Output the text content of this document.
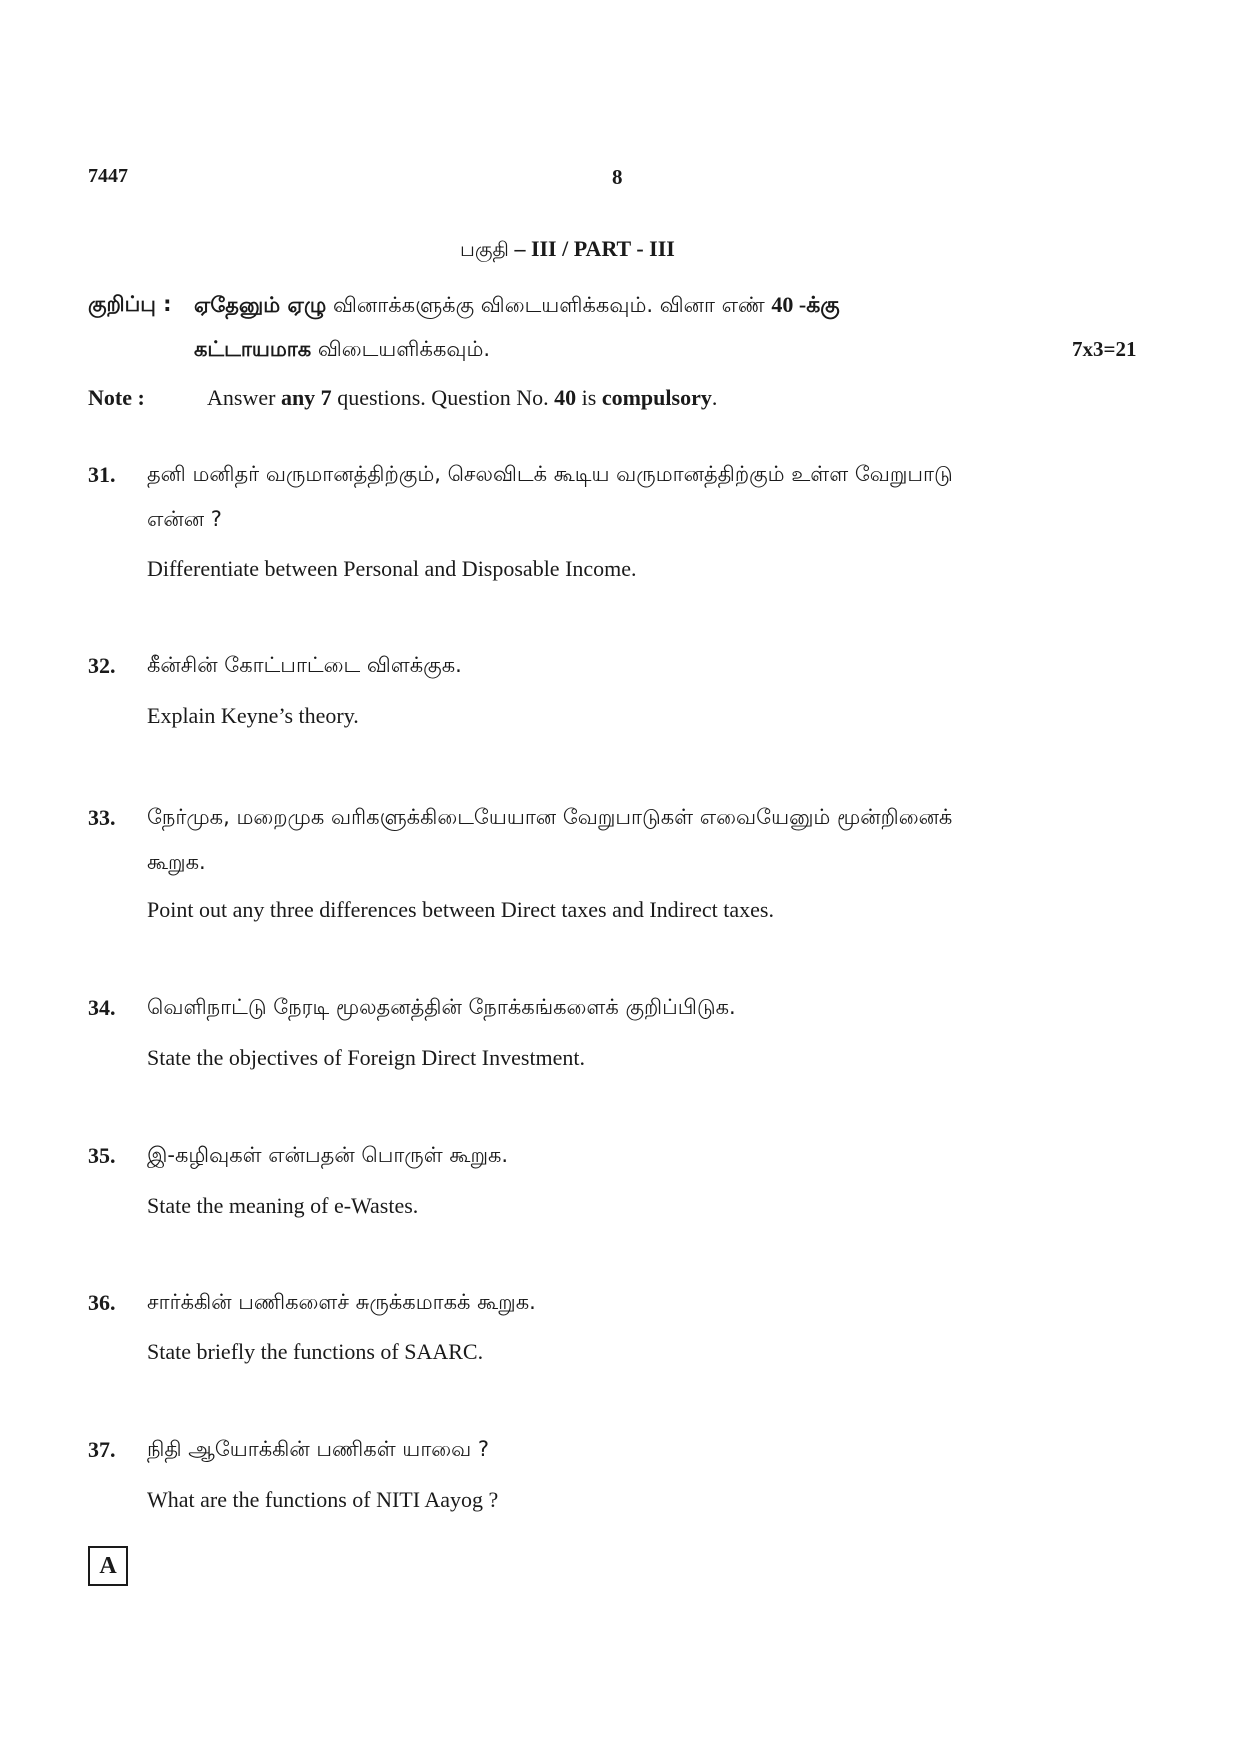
7447	8
பகுதி – III / PART - III
குறிப்பு : ஏதேனும் ஏழு வினாக்களுக்கு விடையளிக்கவும். வினா எண் 40 -க்கு
கட்டாயமாக விடையளிக்கவும்.	7x3=21
Note :	Answer any 7 questions. Question No. 40 is compulsory.
31. தனி மனிதர் வருமானத்திற்கும், செலவிடக் கூடிய வருமானத்திற்கும் உள்ள வேறுபாடு
என்ன ?
Differentiate between Personal and Disposable Income.
32. கீன்சின் கோட்பாட்டை விளக்குக.
Explain Keyne’s theory.
33. நேர்முக, மறைமுக வரிகளுக்கிடையேயான வேறுபாடுகள் எவையேனும் மூன்றினைக்
கூறுக.
Point out any three differences between Direct taxes and Indirect taxes.
34. வெளிநாட்டு நேரடி மூலதனத்தின் நோக்கங்களைக் குறிப்பிடுக.
State the objectives of Foreign Direct Investment.
35. இ-கழிவுகள் என்பதன் பொருள் கூறுக.
State the meaning of e-Wastes.
36. சார்க்கின் பணிகளைச் சுருக்கமாகக் கூறுக.
State briefly the functions of SAARC.
37. நிதி ஆயோக்கின் பணிகள் யாவை ?
What are the functions of NITI Aayog ?
A
